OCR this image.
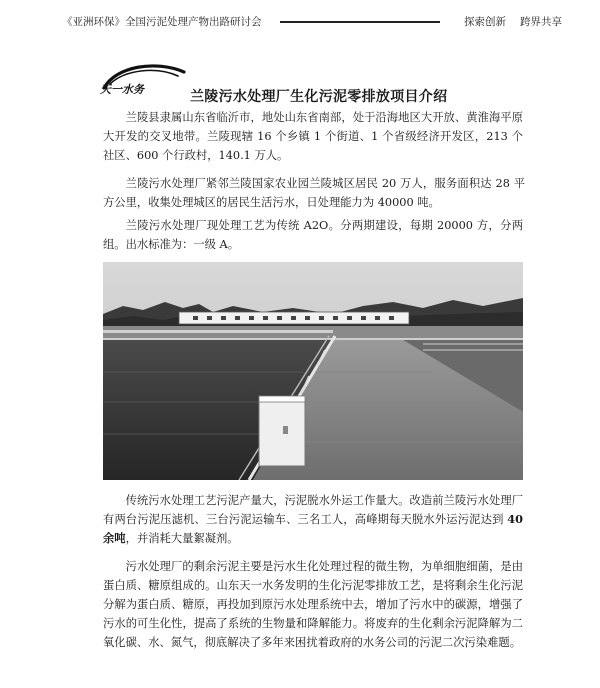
《亚洲环保》全国污泥处理产物出路研讨会	探索创新 跨界共享
天一水务	兰陵污水处理厂生化污泥零排放项目介绍

兰陵县隶属山东省临沂市，地处山东省南部，处于沿海地区大开放、黄淮海平原大开发的交叉地带。兰陵现辖 16 个乡镇 1 个街道、1 个省级经济开发区，213 个社区、600 个行政村，140.1 万人。

兰陵污水处理厂紧邻兰陵国家农业园兰陵城区居民 20 万人，服务面积达 28 平方公里，收集处理城区的居民生活污水，日处理能力为 40000 吨。

兰陵污水处理厂现处理工艺为传统 A2O。分两期建设，每期 20000 方，分两组。出水标准为：一级 A。

传统污水处理工艺污泥产量大，污泥脱水外运工作量大。改造前兰陵污水处理厂有两台污泥压滤机、三台污泥运输车、三名工人，高峰期每天脱水外运污泥达到 40 余吨，并消耗大量絮凝剂。

污水处理厂的剩余污泥主要是污水生化处理过程的微生物，为单细胞细菌，是由蛋白质、糖原组成的。山东天一水务发明的生化污泥零排放工艺，是将剩余生化污泥分解为蛋白质、糖原，再投加到原污水处理系统中去，增加了污水中的碳源，增强了污水的可生化性，提高了系统的生物量和降解能力。将废弃的生化剩余污泥降解为二氧化碳、水、氮气，彻底解决了多年来困扰着政府的水务公司的污泥二次污染难题。
